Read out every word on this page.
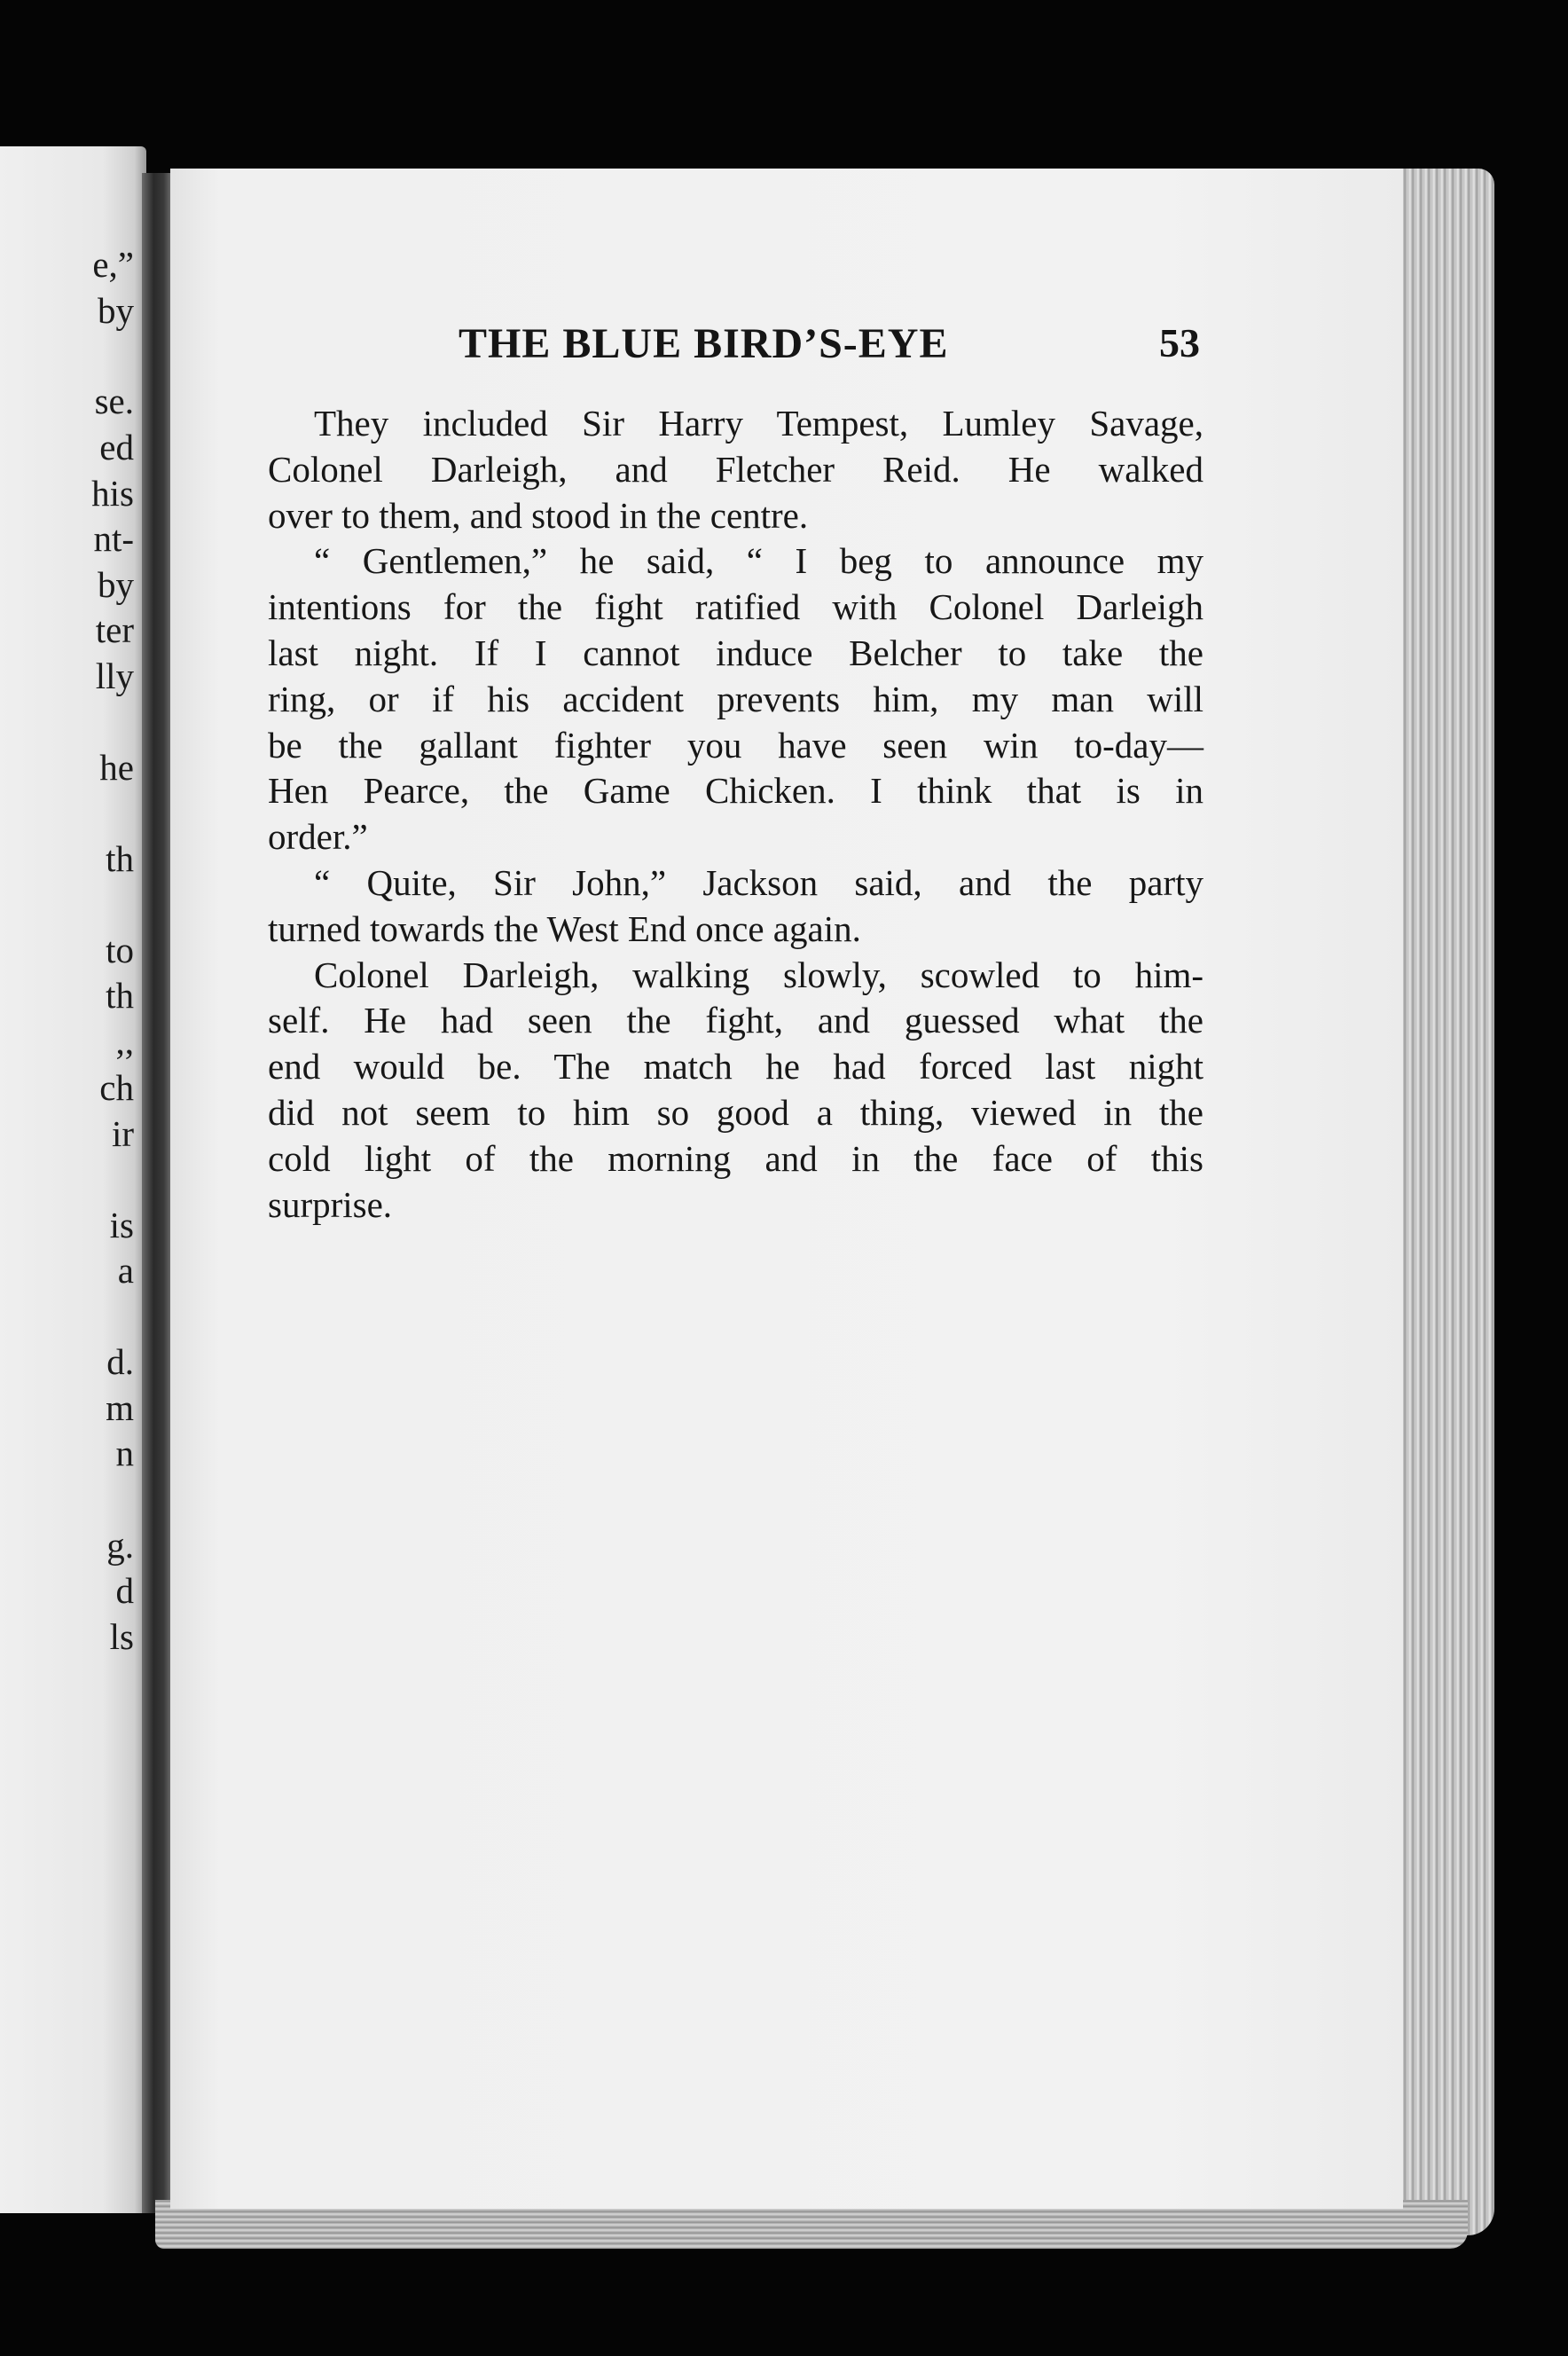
e,”

by

se.

ed

his

nt-

by

ter

lly

he

th

to

th

,,

ch

ir

is

a

d.

m

n

g.

d

ls

THE BLUE BIRD’S-EYE	53

They included Sir Harry Tempest, Lumley Savage,
Colonel Darleigh, and Fletcher Reid. He walked
over to them, and stood in the centre.
“ Gentlemen,” he said, “ I beg to announce my
intentions for the fight ratified with Colonel Darleigh
last night. If I cannot induce Belcher to take the
ring, or if his accident prevents him, my man will
be the gallant fighter you have seen win to-day—
Hen Pearce, the Game Chicken. I think that is in
order.”
“ Quite, Sir John,” Jackson said, and the party
turned towards the West End once again.
Colonel Darleigh, walking slowly, scowled to him-
self. He had seen the fight, and guessed what the
end would be. The match he had forced last night
did not seem to him so good a thing, viewed in the
cold light of the morning and in the face of this
surprise.
